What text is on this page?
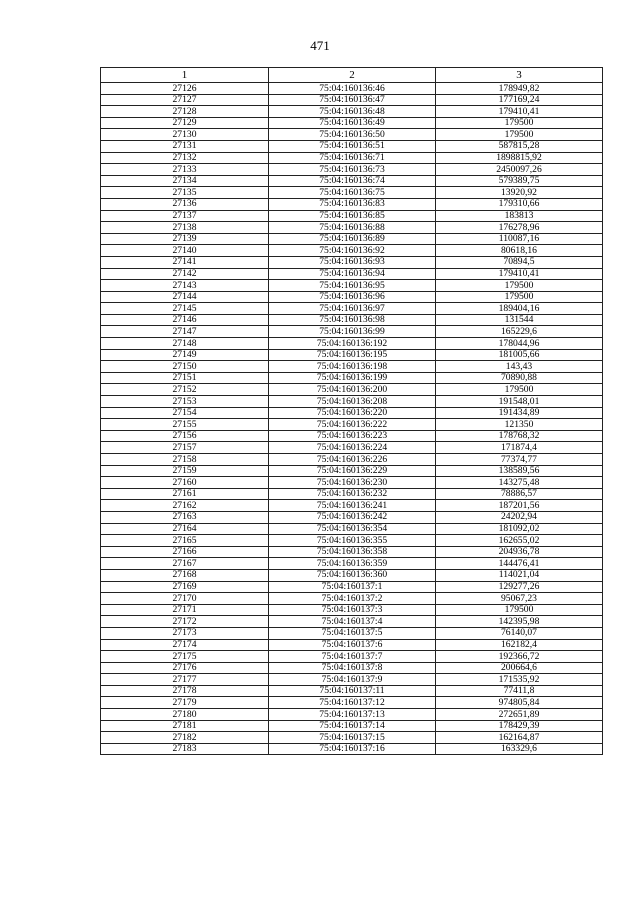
471
1	2	3
27126	75:04:160136:46	178949,82
27127	75:04:160136:47	177169,24
27128	75:04:160136:48	179410,41
27129	75:04:160136:49	179500
27130	75:04:160136:50	179500
27131	75:04:160136:51	587815,28
27132	75:04:160136:71	1898815,92
27133	75:04:160136:73	2450097,26
27134	75:04:160136:74	579389,75
27135	75:04:160136:75	13920,92
27136	75:04:160136:83	179310,66
27137	75:04:160136:85	183813
27138	75:04:160136:88	176278,96
27139	75:04:160136:89	110087,16
27140	75:04:160136:92	80618,16
27141	75:04:160136:93	70894,5
27142	75:04:160136:94	179410,41
27143	75:04:160136:95	179500
27144	75:04:160136:96	179500
27145	75:04:160136:97	189404,16
27146	75:04:160136:98	131544
27147	75:04:160136:99	165229,6
27148	75:04:160136:192	178044,96
27149	75:04:160136:195	181005,66
27150	75:04:160136:198	143,43
27151	75:04:160136:199	70890,88
27152	75:04:160136:200	179500
27153	75:04:160136:208	191548,01
27154	75:04:160136:220	191434,89
27155	75:04:160136:222	121350
27156	75:04:160136:223	178768,32
27157	75:04:160136:224	171874,4
27158	75:04:160136:226	77374,77
27159	75:04:160136:229	138589,56
27160	75:04:160136:230	143275,48
27161	75:04:160136:232	78886,57
27162	75:04:160136:241	187201,56
27163	75:04:160136:242	24202,94
27164	75:04:160136:354	181092,02
27165	75:04:160136:355	162655,02
27166	75:04:160136:358	204936,78
27167	75:04:160136:359	144476,41
27168	75:04:160136:360	114021,04
27169	75:04:160137:1	129277,26
27170	75:04:160137:2	95067,23
27171	75:04:160137:3	179500
27172	75:04:160137:4	142395,98
27173	75:04:160137:5	76140,07
27174	75:04:160137:6	162182,4
27175	75:04:160137:7	192366,72
27176	75:04:160137:8	200664,6
27177	75:04:160137:9	171535,92
27178	75:04:160137:11	77411,8
27179	75:04:160137:12	974805,84
27180	75:04:160137:13	272651,89
27181	75:04:160137:14	178429,39
27182	75:04:160137:15	162164,87
27183	75:04:160137:16	163329,6
